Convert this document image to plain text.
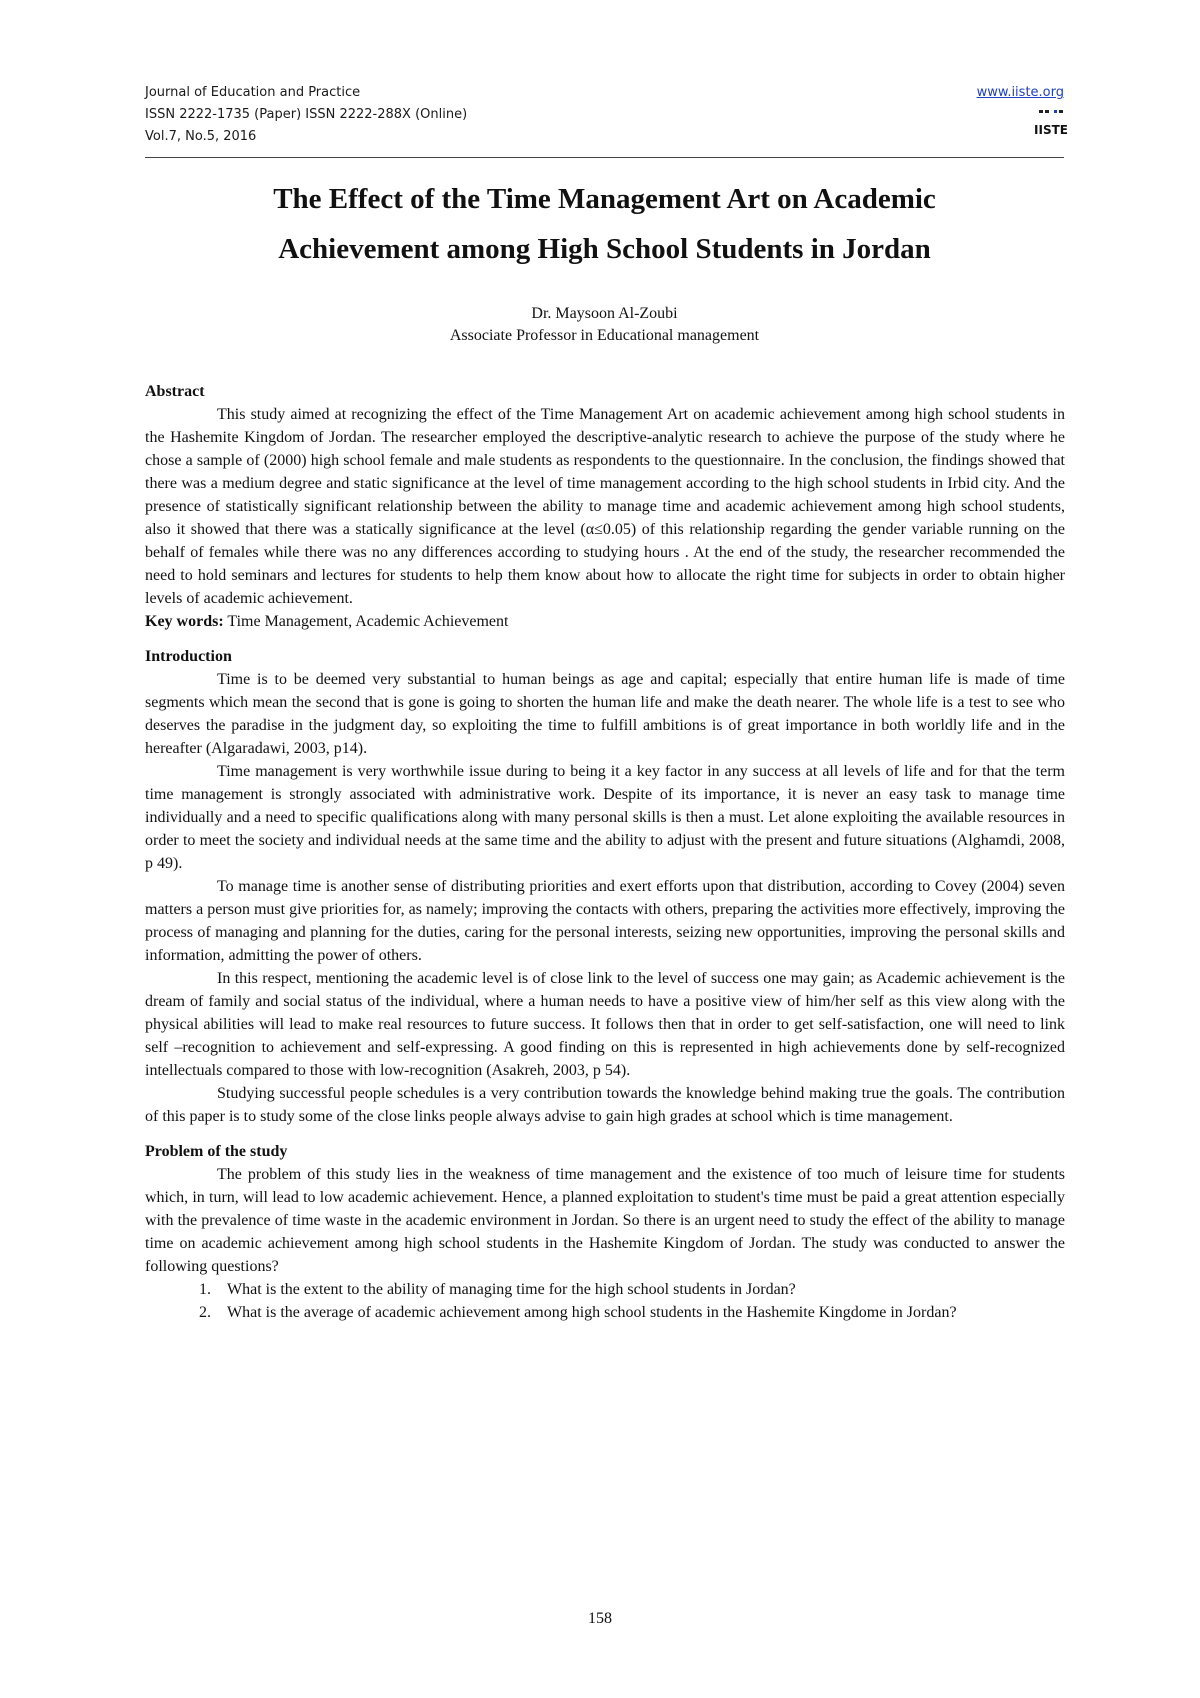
Journal of Education and Practice
ISSN 2222-1735 (Paper) ISSN 2222-288X (Online)
Vol.7, No.5, 2016
www.iiste.org

IISTE
The Effect of the Time Management Art on Academic
Achievement among High School Students in Jordan
Dr. Maysoon Al-Zoubi
Associate Professor in Educational management
Abstract

This study aimed at recognizing the effect of the Time Management Art on academic achievement among high school students in the Hashemite Kingdom of Jordan. The researcher employed the descriptive-analytic research to achieve the purpose of the study where he chose a sample of (2000) high school female and male students as respondents to the questionnaire. In the conclusion, the findings showed that there was a medium degree and static significance at the level of time management according to the high school students in Irbid city. And the presence of statistically significant relationship between the ability to manage time and academic achievement among high school students, also it showed that there was a statically significance at the level (α≤0.05) of this relationship regarding the gender variable running on the behalf of females while there was no any differences according to studying hours . At the end of the study, the researcher recommended the need to hold seminars and lectures for students to help them know about how to allocate the right time for subjects in order to obtain higher levels of academic achievement.

Key words: Time Management, Academic Achievement

Introduction

Time is to be deemed very substantial to human beings as age and capital; especially that entire human life is made of time segments which mean the second that is gone is going to shorten the human life and make the death nearer. The whole life is a test to see who deserves the paradise in the judgment day, so exploiting the time to fulfill ambitions is of great importance in both worldly life and in the hereafter (Algaradawi, 2003, p14).

Time management is very worthwhile issue during to being it a key factor in any success at all levels of life and for that the term time management is strongly associated with administrative work. Despite of its importance, it is never an easy task to manage time individually and a need to specific qualifications along with many personal skills is then a must. Let alone exploiting the available resources in order to meet the society and individual needs at the same time and the ability to adjust with the present and future situations (Alghamdi, 2008, p 49).

To manage time is another sense of distributing priorities and exert efforts upon that distribution, according to Covey (2004) seven matters a person must give priorities for, as namely; improving the contacts with others, preparing the activities more effectively, improving the process of managing and planning for the duties, caring for the personal interests, seizing new opportunities, improving the personal skills and information, admitting the power of others.

In this respect, mentioning the academic level is of close link to the level of success one may gain; as Academic achievement is the dream of family and social status of the individual, where a human needs to have a positive view of him/her self as this view along with the physical abilities will lead to make real resources to future success. It follows then that in order to get self-satisfaction, one will need to link self –recognition to achievement and self-expressing. A good finding on this is represented in high achievements done by self-recognized intellectuals compared to those with low-recognition (Asakreh, 2003, p 54).

Studying successful people schedules is a very contribution towards the knowledge behind making true the goals. The contribution of this paper is to study some of the close links people always advise to gain high grades at school which is time management.

Problem of the study

The problem of this study lies in the weakness of time management and the existence of too much of leisure time for students which, in turn, will lead to low academic achievement. Hence, a planned exploitation to student's time must be paid a great attention especially with the prevalence of time waste in the academic environment in Jordan. So there is an urgent need to study the effect of the ability to manage time on academic achievement among high school students in the Hashemite Kingdom of Jordan. The study was conducted to answer the following questions?

1. What is the extent to the ability of managing time for the high school students in Jordan?
2. What is the average of academic achievement among high school students in the Hashemite Kingdome in Jordan?
158
